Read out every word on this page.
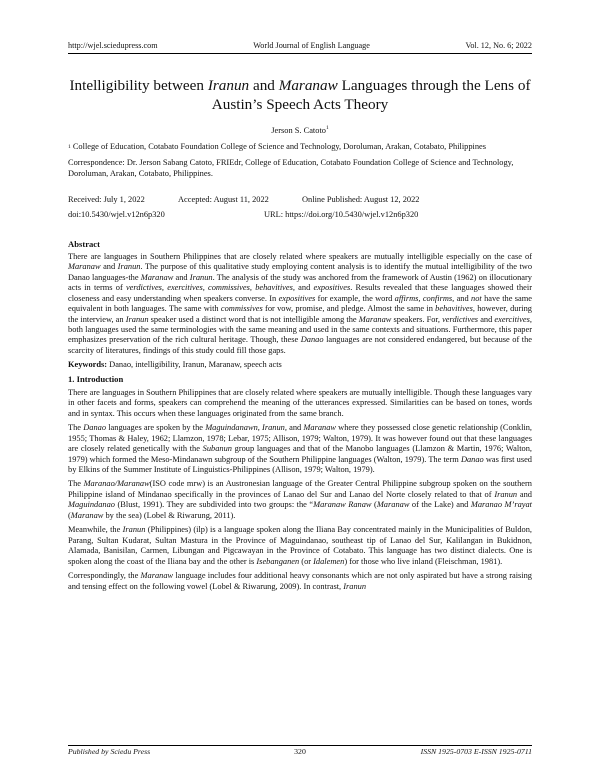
http://wjel.sciedupress.com	World Journal of English Language	Vol. 12, No. 6; 2022
Intelligibility between Iranun and Maranaw Languages through the Lens of Austin’s Speech Acts Theory
Jerson S. Catoto$^1$
$^1$ College of Education, Cotabato Foundation College of Science and Technology, Doroluman, Arakan, Cotabato, Philippines
Correspondence: Dr. Jerson Sabang Catoto, FRIEdr, College of Education, Cotabato Foundation College of Science and Technology, Doroluman, Arakan, Cotabato, Philippines.
Received: July 1, 2022	Accepted: August 11, 2022	Online Published: August 12, 2022
doi:10.5430/wjel.v12n6p320	URL: https://doi.org/10.5430/wjel.v12n6p320
Abstract

There are languages in Southern Philippines that are closely related where speakers are mutually intelligible especially on the case of Maranaw and Iranun. The purpose of this qualitative study employing content analysis is to identify the mutual intelligibility of the two Danao languages-the Maranaw and Iranun. The analysis of the study was anchored from the framework of Austin (1962) on illocutionary acts in terms of verdictives, exercitives, commissives, behavitives, and expositives. Results revealed that these languages showed their closeness and easy understanding when speakers converse. In expositives for example, the word affirms, confirms, and not have the same equivalent in both languages. The same with commissives for vow, promise, and pledge. Almost the same in behavitives, however, during the interview, an Iranun speaker used a distinct word that is not intelligible among the Maranaw speakers. For, verdictives and exercitives, both languages used the same terminologies with the same meaning and used in the same contexts and situations. Furthermore, this paper emphasizes preservation of the rich cultural heritage. Though, these Danao languages are not considered endangered, but because of the scarcity of literatures, findings of this study could fill those gaps.

Keywords: Danao, intelligibility, Iranun, Maranaw, speech acts
1. Introduction

There are languages in Southern Philippines that are closely related where speakers are mutually intelligible. Though these languages vary in other facets and forms, speakers can comprehend the meaning of the utterances expressed. Similarities can be based on tones, words and in syntax. This occurs when these languages originated from the same branch.

The Danao languages are spoken by the Maguindanawn, Iranun, and Maranaw where they possessed close genetic relationship (Conklin, 1955; Thomas & Haley, 1962; Llamzon, 1978; Lebar, 1975; Allison, 1979; Walton, 1979). It was however found out that these languages are closely related genetically with the Subanun group languages and that of the Manobo languages (Llamzon & Martin, 1976; Walton, 1979) which formed the Meso-Mindanawn subgroup of the Southern Philippine languages (Walton, 1979). The term Danao was first used by Elkins of the Summer Institute of Linguistics-Philippines (Allison, 1979; Walton, 1979).

The Maranao/Maranaw(ISO code mrw) is an Austronesian language of the Greater Central Philippine subgroup spoken on the southern Philippine island of Mindanao specifically in the provinces of Lanao del Sur and Lanao del Norte closely related to that of Iranun and Maguindanao (Blust, 1991). They are subdivided into two groups: the “Maranaw Ranaw (Maranaw of the Lake) and Maranao M’rayat (Maranaw by the sea) (Lobel & Riwarung, 2011).

Meanwhile, the Iranun (Philippines) (ilp) is a language spoken along the Iliana Bay concentrated mainly in the Municipalities of Buldon, Parang, Sultan Kudarat, Sultan Mastura in the Province of Maguindanao, southeast tip of Lanao del Sur, Kalilangan in Bukidnon, Alamada, Banisilan, Carmen, Libungan and Pigcawayan in the Province of Cotabato. This language has two distinct dialects. One is spoken along the coast of the Iliana bay and the other is Isebanganen (or Idalemen) for those who live inland (Fleischman, 1981).

Correspondingly, the Maranaw language includes four additional heavy consonants which are not only aspirated but have a strong raising and tensing effect on the following vowel (Lobel & Riwarung, 2009). In contrast, Iranun

Published by Sciedu Press	320	ISSN 1925-0703 E-ISSN 1925-0711
